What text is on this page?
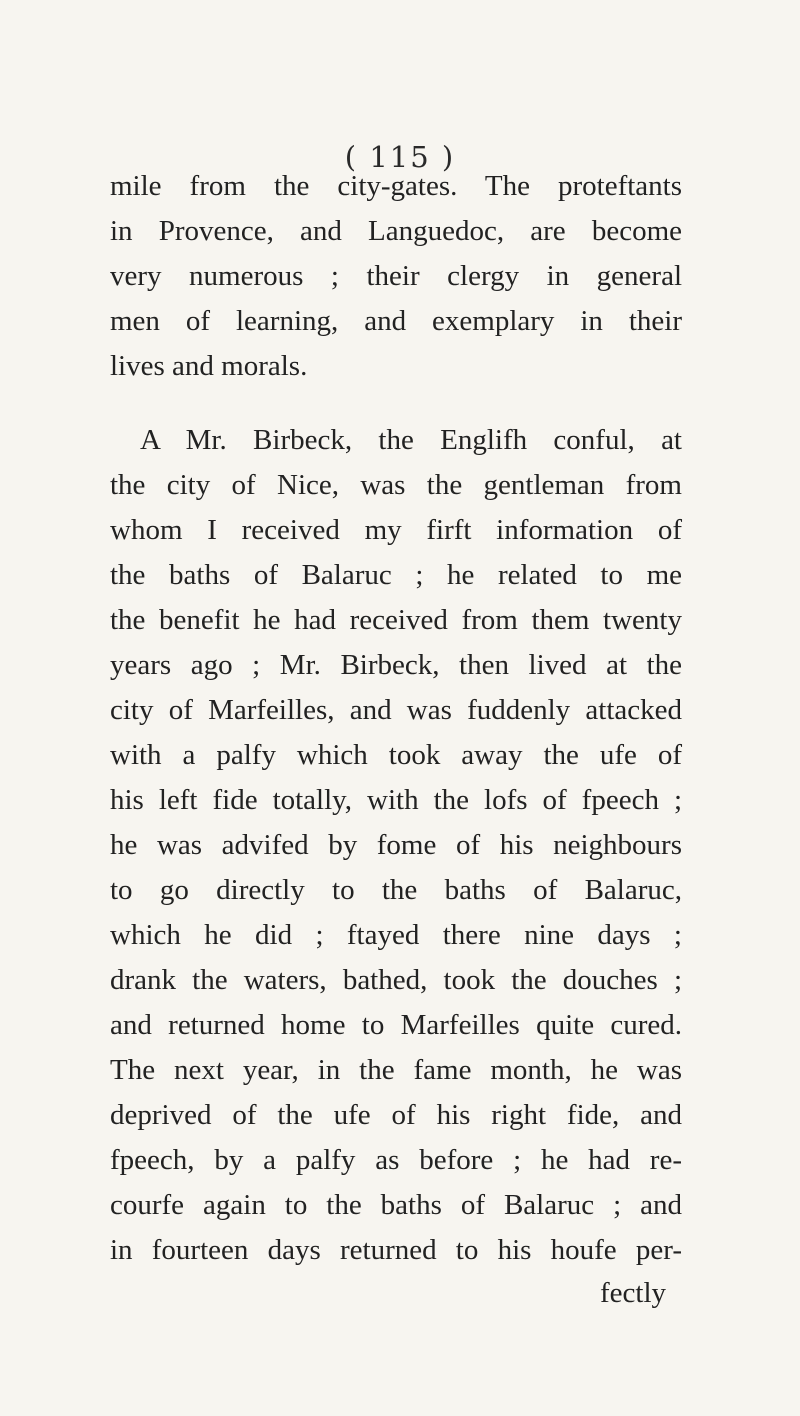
( 115 )
mile from the city-gates. The proteftants
in Provence, and Languedoc, are become
very numerous ; their clergy in general
men of learning, and exemplary in their
lives and morals.
A Mr. Birbeck, the Englifh conful, at
the city of Nice, was the gentleman from
whom I received my firft information of
the baths of Balaruc ; he related to me
the benefit he had received from them twenty
years ago ; Mr. Birbeck, then lived at the
city of Marfeilles, and was fuddenly attacked
with a palfy which took away the ufe of
his left fide totally, with the lofs of fpeech ;
he was advifed by fome of his neighbours
to go directly to the baths of Balaruc,
which he did ; ftayed there nine days ;
drank the waters, bathed, took the douches ;
and returned home to Marfeilles quite cured.
The next year, in the fame month, he was
deprived of the ufe of his right fide, and
fpeech, by a palfy as before ; he had re-
courfe again to the baths of Balaruc ; and
in fourteen days returned to his houfe per-
fectly
